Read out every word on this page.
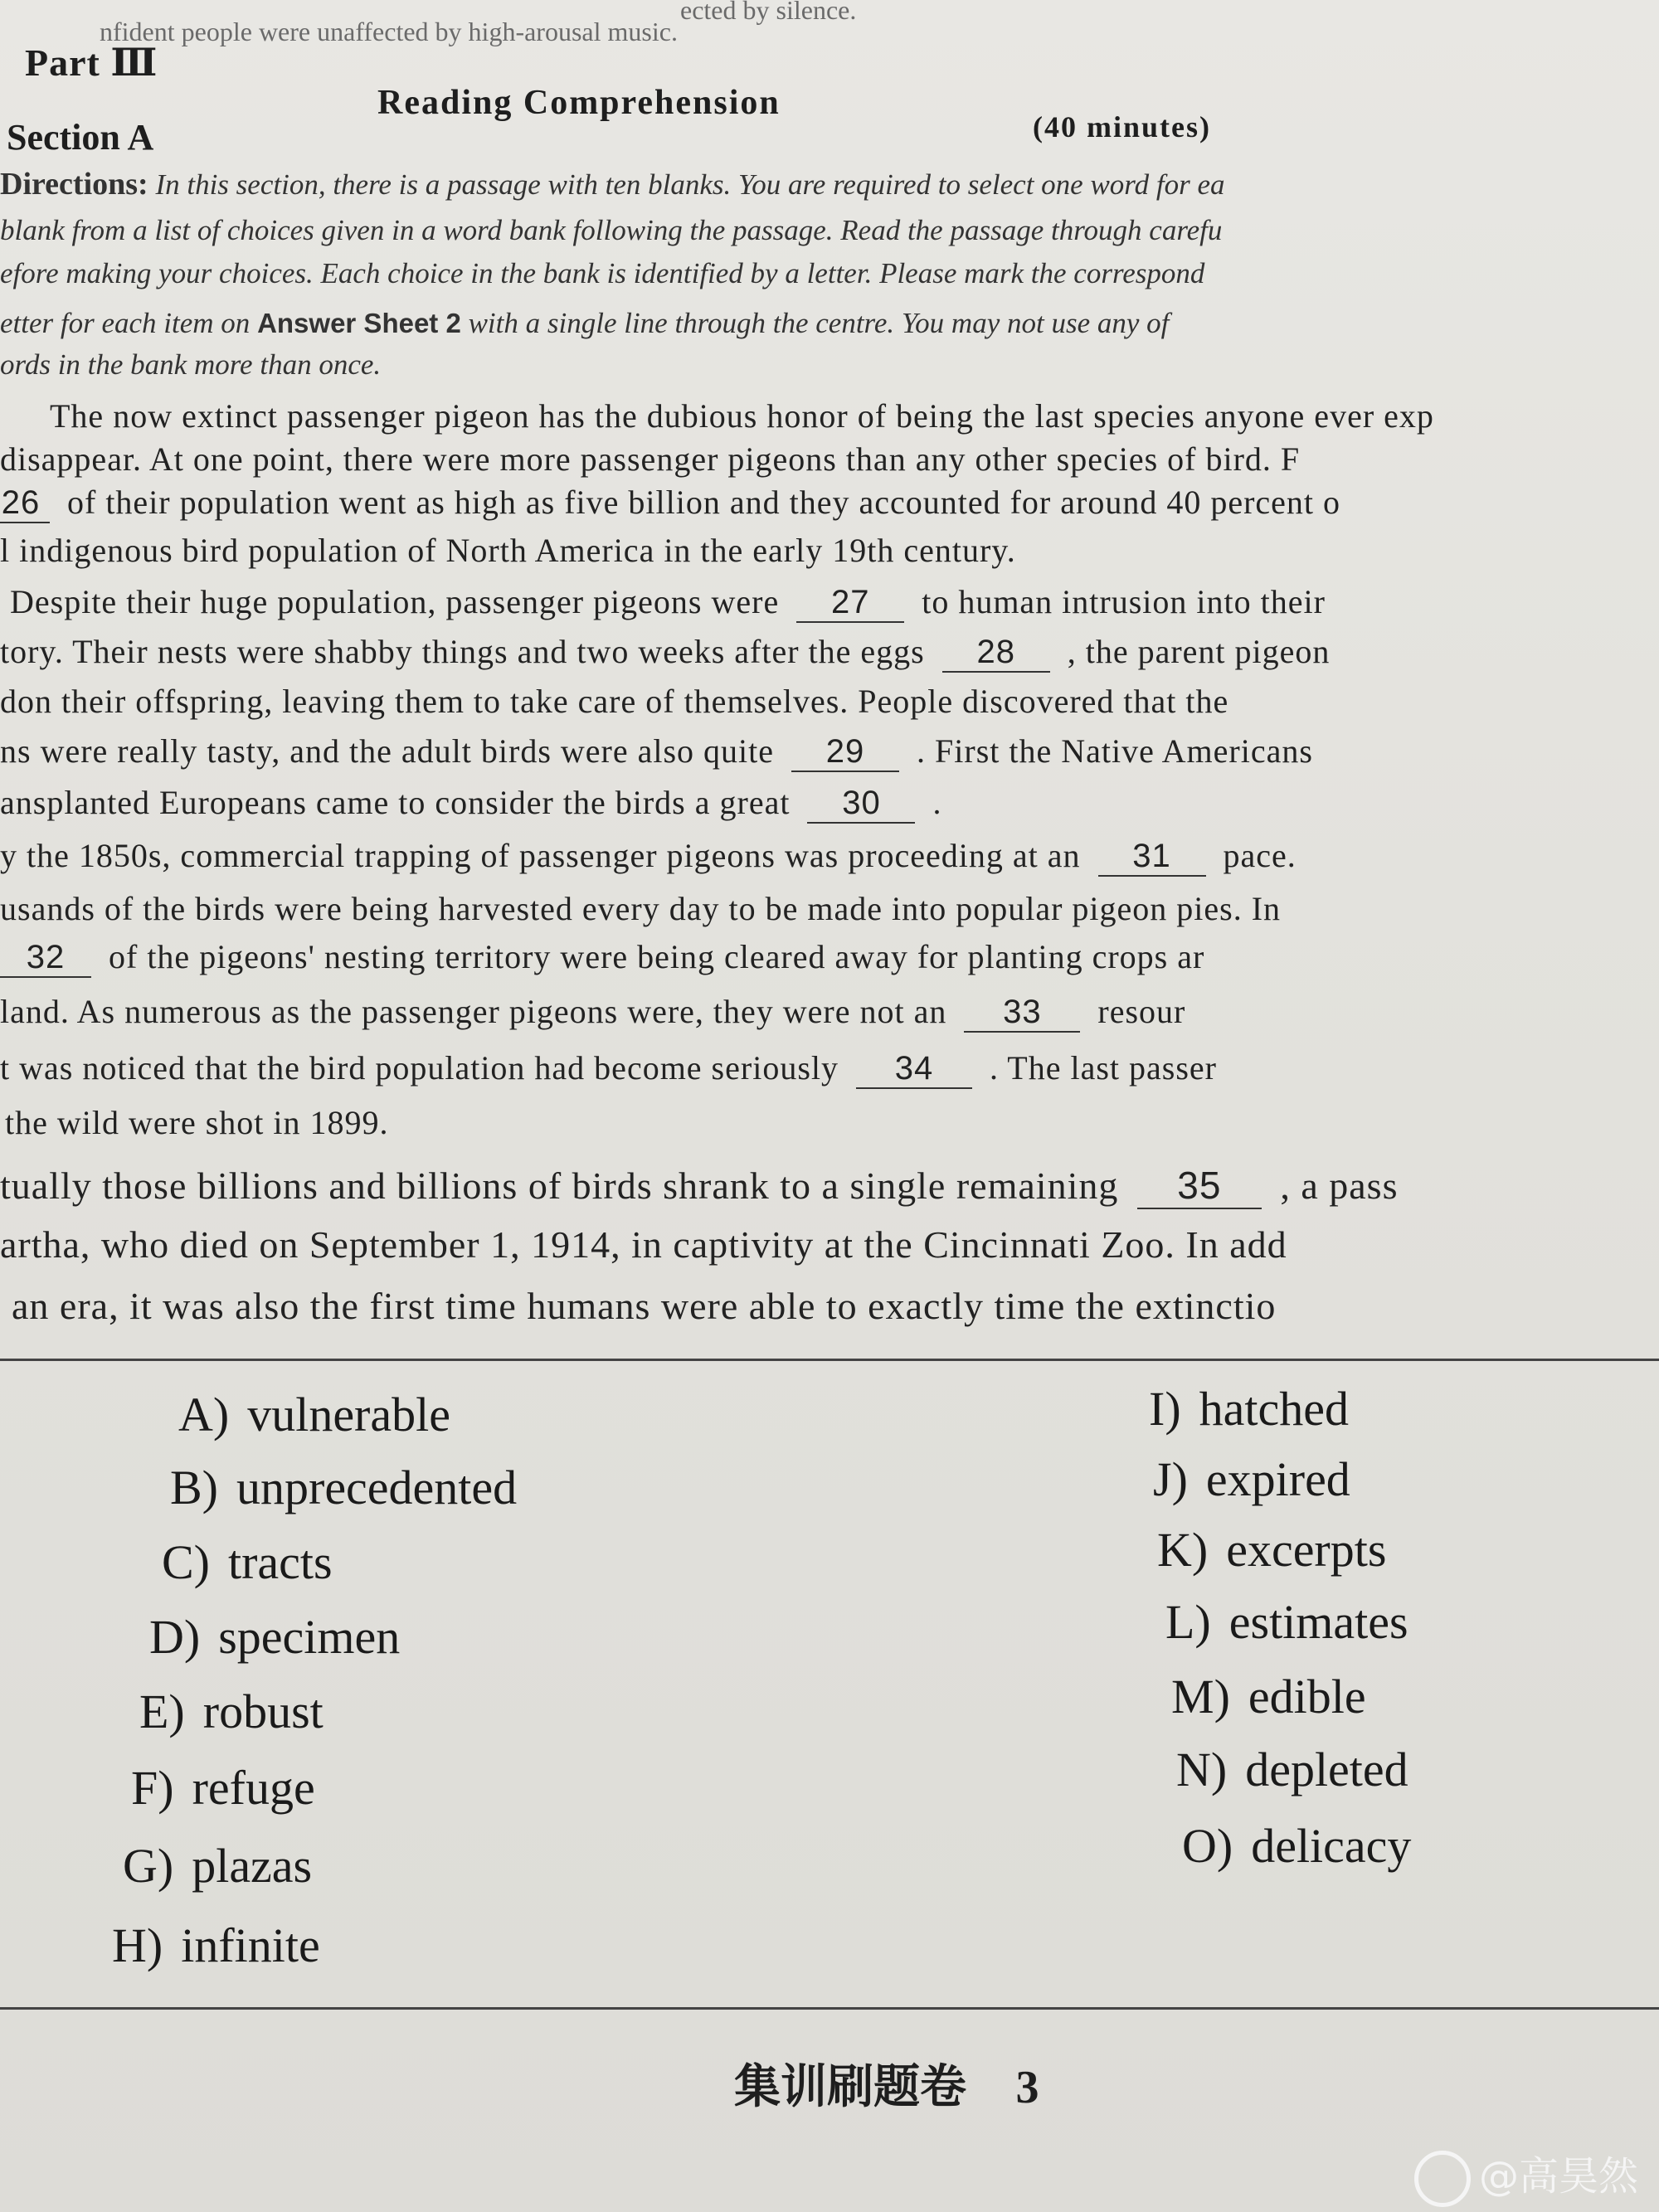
ected by silence.
nfident people were unaffected by high-arousal music.
Part Ⅲ
Reading Comprehension
(40 minutes)
Section A
Directions: In this section, there is a passage with ten blanks. You are required to select one word for ea
blank from a list of choices given in a word bank following the passage. Read the passage through carefu
efore making your choices. Each choice in the bank is identified by a letter. Please mark the correspond
etter for each item on Answer Sheet 2 with a single line through the centre. You may not use any of
ords in the bank more than once.
The now extinct passenger pigeon has the dubious honor of being the last species anyone ever exp
disappear. At one point, there were more passenger pigeons than any other species of bird. F
26 of their population went as high as five billion and they accounted for around 40 percent o
l indigenous bird population of North America in the early 19th century.
Despite their huge population, passenger pigeons were 27 to human intrusion into their
tory. Their nests were shabby things and two weeks after the eggs 28 , the parent pigeon
don their offspring, leaving them to take care of themselves. People discovered that the
ns were really tasty, and the adult birds were also quite 29 . First the Native Americans
ansplanted Europeans came to consider the birds a great 30 .
y the 1850s, commercial trapping of passenger pigeons was proceeding at an 31 pace.
usands of the birds were being harvested every day to be made into popular pigeon pies. In
32 of the pigeons' nesting territory were being cleared away for planting crops ar
land. As numerous as the passenger pigeons were, they were not an 33 resour
t was noticed that the bird population had become seriously 34 . The last passer
the wild were shot in 1899.
tually those billions and billions of birds shrank to a single remaining 35 , a pass
artha, who died on September 1, 1914, in captivity at the Cincinnati Zoo. In add
an era, it was also the first time humans were able to exactly time the extinctio
A) vulnerable
B) unprecedented
C) tracts
D) specimen
E) robust
F) refuge
G) plazas
H) infinite
I) hatched
J) expired
K) excerpts
L) estimates
M) edible
N) depleted
O) delicacy
集训刷题卷 3
@高昊然
